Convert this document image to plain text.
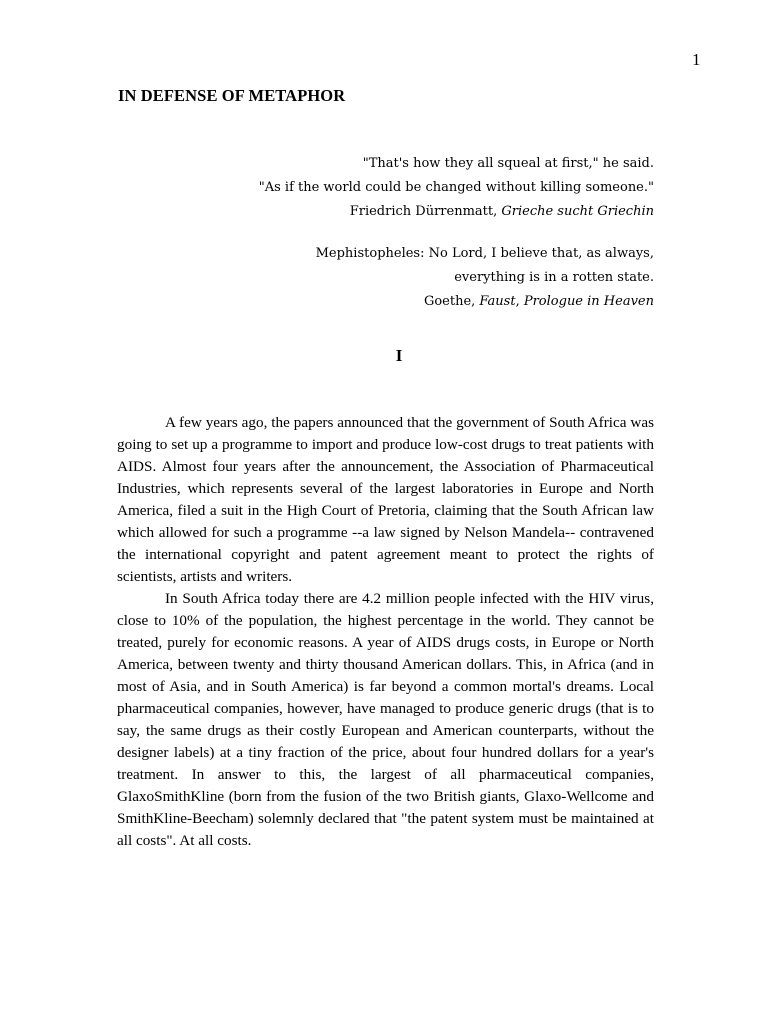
1
IN DEFENSE OF METAPHOR
"That's how they all squeal at first," he said.
"As if the world could be changed without killing someone."
Friedrich Dürrenmatt, Grieche sucht Griechin
Mephistopheles: No Lord, I believe that, as always,
everything is in a rotten state.
Goethe, Faust, Prologue in Heaven
I

A few years ago, the papers announced that the government of South Africa was going to set up a programme to import and produce low-cost drugs to treat patients with AIDS. Almost four years after the announcement, the Association of Pharmaceutical Industries, which represents several of the largest laboratories in Europe and North America, filed a suit in the High Court of Pretoria, claiming that the South African law which allowed for such a programme --a law signed by Nelson Mandela-- contravened the international copyright and patent agreement meant to protect the rights of scientists, artists and writers.

In South Africa today there are 4.2 million people infected with the HIV virus, close to 10% of the population, the highest percentage in the world. They cannot be treated, purely for economic reasons. A year of AIDS drugs costs, in Europe or North America, between twenty and thirty thousand American dollars. This, in Africa (and in most of Asia, and in South America) is far beyond a common mortal's dreams. Local pharmaceutical companies, however, have managed to produce generic drugs (that is to say, the same drugs as their costly European and American counterparts, without the designer labels) at a tiny fraction of the price, about four hundred dollars for a year's treatment. In answer to this, the largest of all pharmaceutical companies, GlaxoSmithKline (born from the fusion of the two British giants, Glaxo-Wellcome and SmithKline-Beecham) solemnly declared that "the patent system must be maintained at all costs". At all costs.
